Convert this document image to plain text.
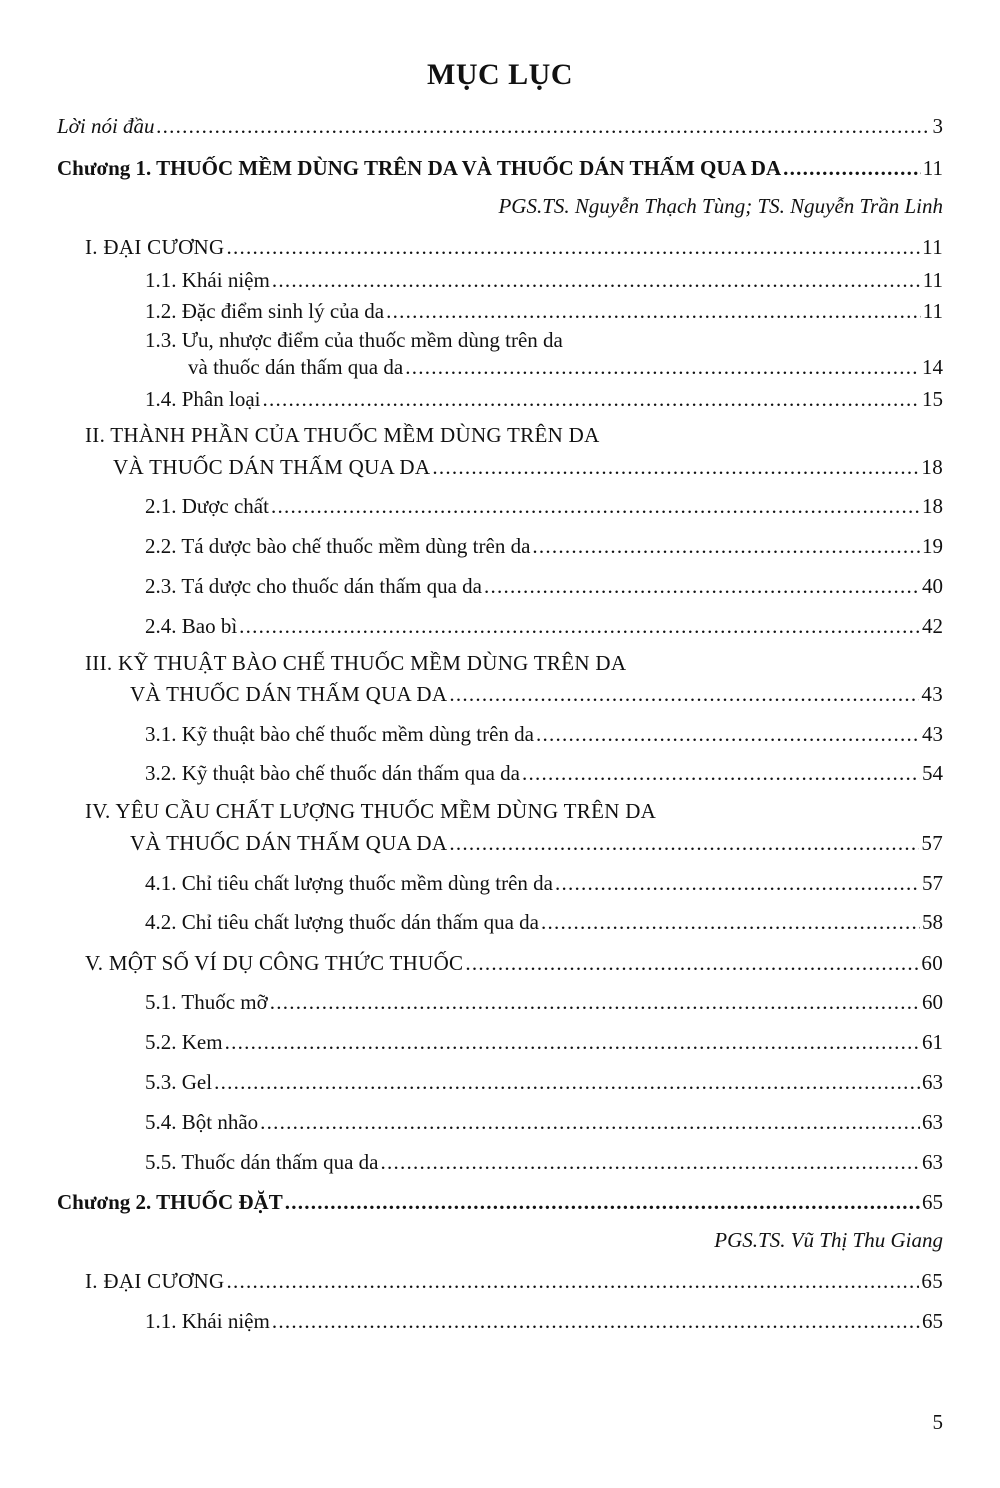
MỤC LỤC
Lời nói đầu . . .	3
Chương 1. THUỐC MỀM DÙNG TRÊN DA VÀ THUỐC DÁN THẤM QUA DA . . .	11
PGS.TS. Nguyễn Thạch Tùng; TS. Nguyễn Trần Linh
I. ĐẠI CƯƠNG . . .	11
1.1. Khái niệm . . .	11
1.2. Đặc điểm sinh lý của da . . .	11
1.3. Ưu, nhược điểm của thuốc mềm dùng trên da
và thuốc dán thấm qua da . . .	14
1.4. Phân loại . . .	15
II. THÀNH PHẦN CỦA THUỐC MỀM DÙNG TRÊN DA
VÀ THUỐC DÁN THẤM QUA DA . . .	18
2.1. Dược chất . . .	18
2.2. Tá dược bào chế thuốc mềm dùng trên da . . .	19
2.3. Tá dược cho thuốc dán thấm qua da . . .	40
2.4. Bao bì . . .	42
III. KỸ THUẬT BÀO CHẾ THUỐC MỀM DÙNG TRÊN DA
VÀ THUỐC DÁN THẤM QUA DA . . .	43
3.1. Kỹ thuật bào chế thuốc mềm dùng trên da . . .	43
3.2. Kỹ thuật bào chế thuốc dán thấm qua da . . .	54
IV. YÊU CẦU CHẤT LƯỢNG THUỐC MỀM DÙNG TRÊN DA
VÀ THUỐC DÁN THẤM QUA DA . . .	57
4.1. Chỉ tiêu chất lượng thuốc mềm dùng trên da . . .	57
4.2. Chỉ tiêu chất lượng thuốc dán thấm qua da . . .	58
V. MỘT SỐ VÍ DỤ CÔNG THỨC THUỐC . . .	60
5.1. Thuốc mỡ . . .	60
5.2. Kem . . .	61
5.3. Gel . . .	63
5.4. Bột nhão . . .	63
5.5. Thuốc dán thấm qua da . . .	63
Chương 2. THUỐC ĐẶT . . .	65
PGS.TS. Vũ Thị Thu Giang
I. ĐẠI CƯƠNG . . .	65
1.1. Khái niệm . . .	65
5
